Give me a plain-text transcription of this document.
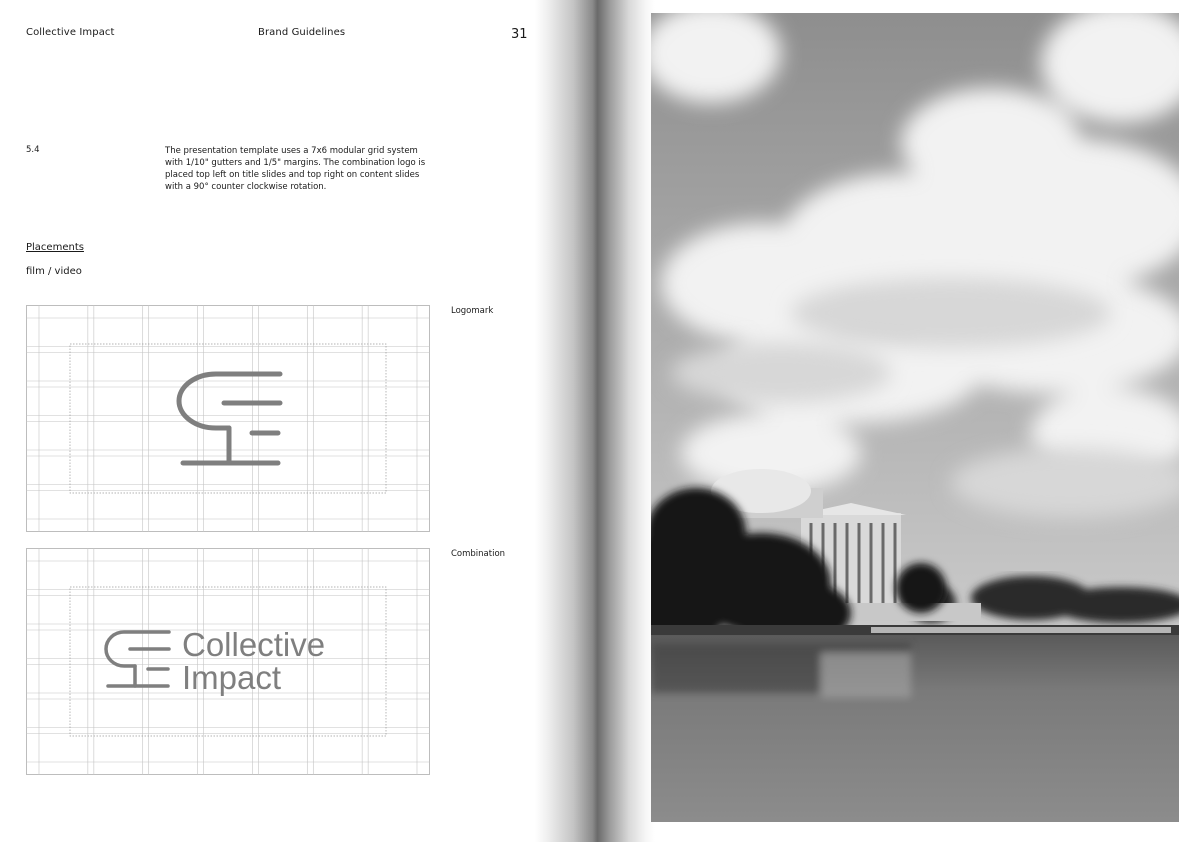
Collective Impact	Brand Guidelines	31
5.4	The presentation template uses a 7x6 modular grid system with 1/10" gutters and 1/5" margins. The combination logo is placed top left on title slides and top right on content slides with a 90° counter clockwise rotation.
Placements
film / video
Logomark
Collective
Impact
Combination
